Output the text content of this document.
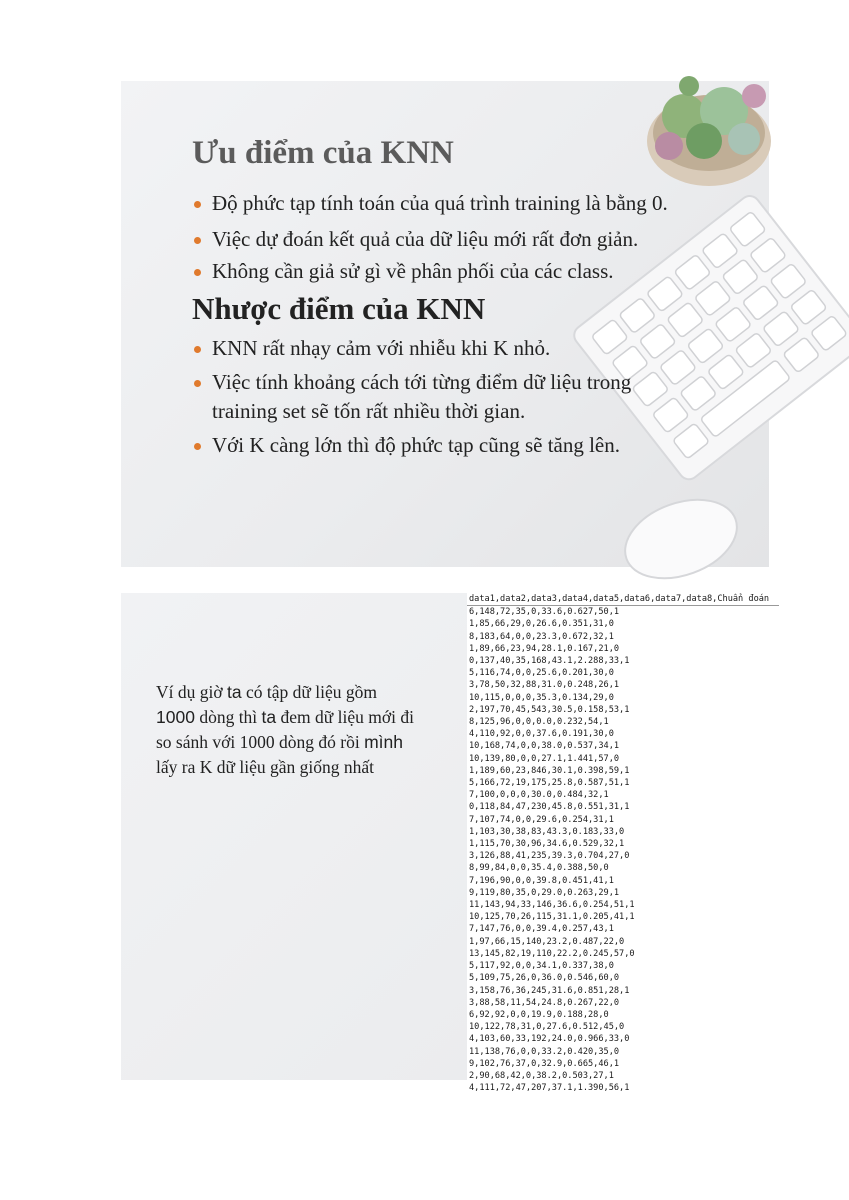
Ưu điểm của KNN
Độ phức tạp tính toán của quá trình training là bằng 0.
Việc dự đoán kết quả của dữ liệu mới rất đơn giản.
Không cần giả sử gì về phân phối của các class.
Nhược điểm của KNN
KNN rất nhạy cảm với nhiễu khi K nhỏ.
Việc tính khoảng cách tới từng điểm dữ liệu trong
training set sẽ tốn rất nhiều thời gian.
Với K càng lớn thì độ phức tạp cũng sẽ tăng lên.
Ví dụ giờ ta có tập dữ liệu gồm
1000 dòng thì ta đem dữ liệu mới đi
so sánh với 1000 dòng đó rồi mình
lấy ra K dữ liệu gần giống nhất
data1,data2,data3,data4,data5,data6,data7,data8,Chuẩn đoán
6,148,72,35,0,33.6,0.627,50,1
1,85,66,29,0,26.6,0.351,31,0
8,183,64,0,0,23.3,0.672,32,1
1,89,66,23,94,28.1,0.167,21,0
0,137,40,35,168,43.1,2.288,33,1
5,116,74,0,0,25.6,0.201,30,0
3,78,50,32,88,31.0,0.248,26,1
10,115,0,0,0,35.3,0.134,29,0
2,197,70,45,543,30.5,0.158,53,1
8,125,96,0,0,0.0,0.232,54,1
4,110,92,0,0,37.6,0.191,30,0
10,168,74,0,0,38.0,0.537,34,1
10,139,80,0,0,27.1,1.441,57,0
1,189,60,23,846,30.1,0.398,59,1
5,166,72,19,175,25.8,0.587,51,1
7,100,0,0,0,30.0,0.484,32,1
0,118,84,47,230,45.8,0.551,31,1
7,107,74,0,0,29.6,0.254,31,1
1,103,30,38,83,43.3,0.183,33,0
1,115,70,30,96,34.6,0.529,32,1
3,126,88,41,235,39.3,0.704,27,0
8,99,84,0,0,35.4,0.388,50,0
7,196,90,0,0,39.8,0.451,41,1
9,119,80,35,0,29.0,0.263,29,1
11,143,94,33,146,36.6,0.254,51,1
10,125,70,26,115,31.1,0.205,41,1
7,147,76,0,0,39.4,0.257,43,1
1,97,66,15,140,23.2,0.487,22,0
13,145,82,19,110,22.2,0.245,57,0
5,117,92,0,0,34.1,0.337,38,0
5,109,75,26,0,36.0,0.546,60,0
3,158,76,36,245,31.6,0.851,28,1
3,88,58,11,54,24.8,0.267,22,0
6,92,92,0,0,19.9,0.188,28,0
10,122,78,31,0,27.6,0.512,45,0
4,103,60,33,192,24.0,0.966,33,0
11,138,76,0,0,33.2,0.420,35,0
9,102,76,37,0,32.9,0.665,46,1
2,90,68,42,0,38.2,0.503,27,1
4,111,72,47,207,37.1,1.390,56,1
